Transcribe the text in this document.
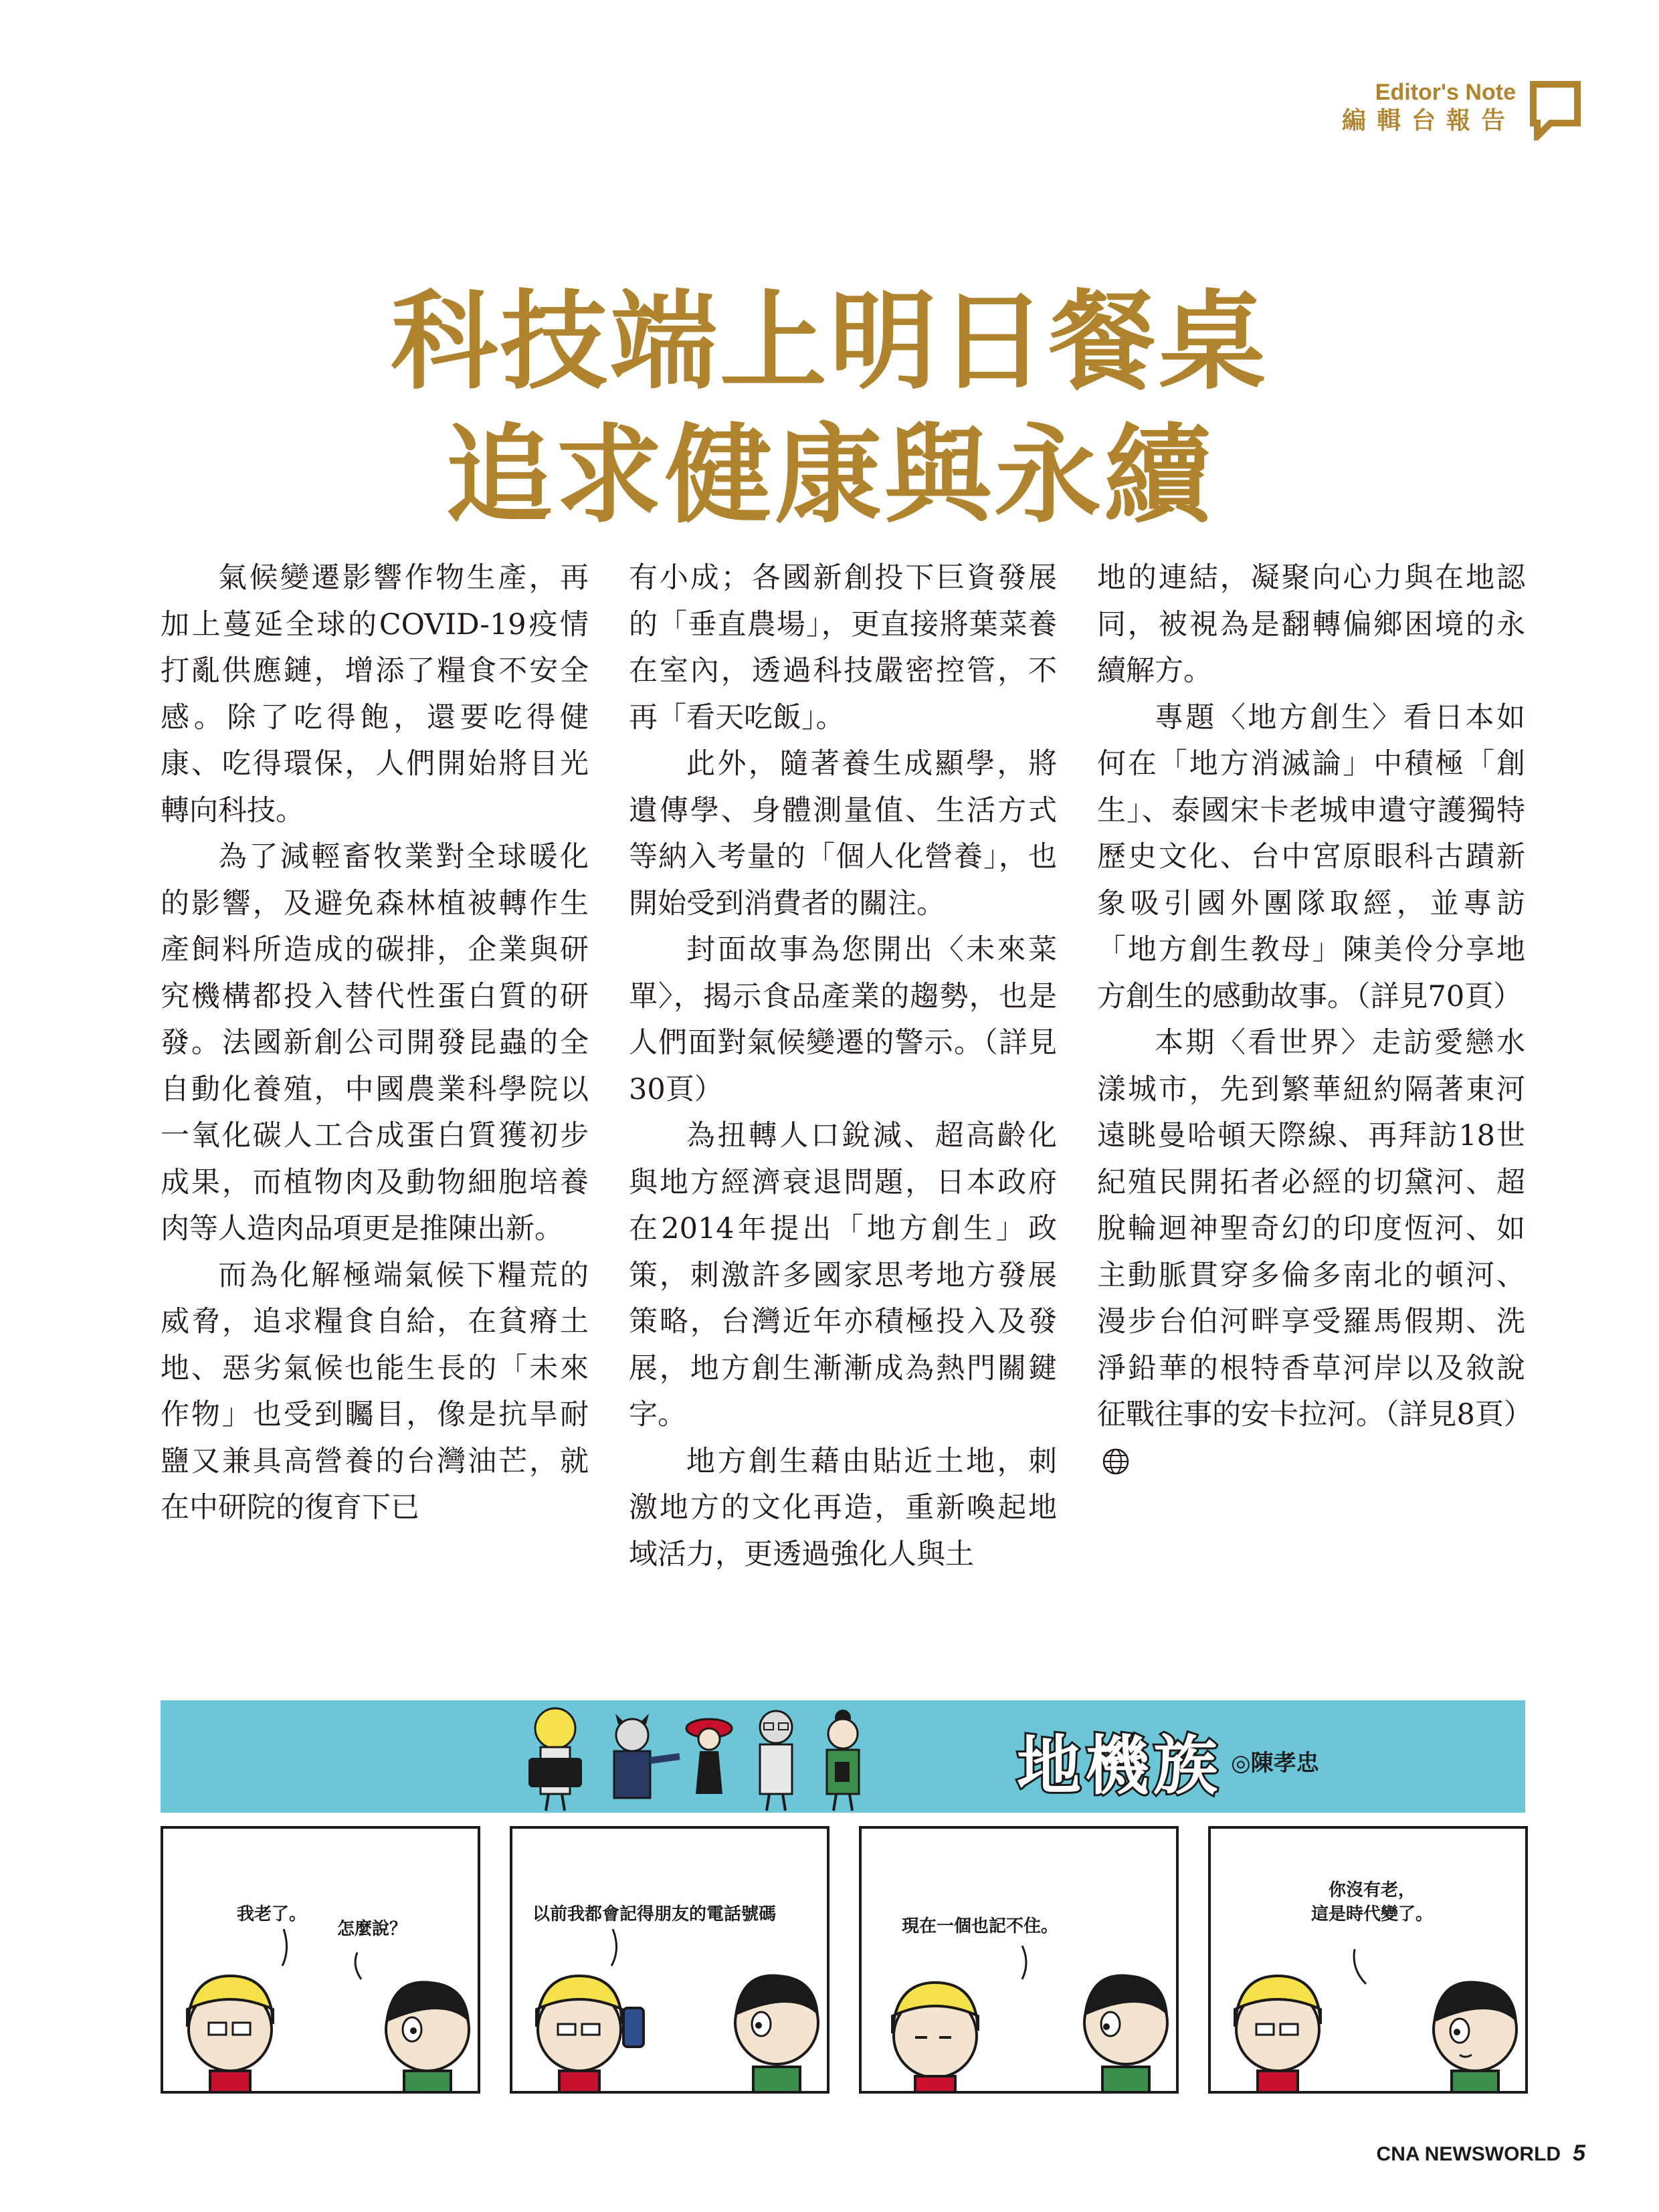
Editor's Note
編輯台報告
科技端上明日餐桌
追求健康與永續

氣候變遷影響作物生產，再加上蔓延全球的COVID-19疫情打亂供應鏈，增添了糧食不安全感。除了吃得飽，還要吃得健康、吃得環保，人們開始將目光轉向科技。

為了減輕畜牧業對全球暖化的影響，及避免森林植被轉作生產飼料所造成的碳排，企業與研究機構都投入替代性蛋白質的研發。法國新創公司開發昆蟲的全自動化養殖，中國農業科學院以一氧化碳人工合成蛋白質獲初步成果，而植物肉及動物細胞培養肉等人造肉品項更是推陳出新。

而為化解極端氣候下糧荒的威脅，追求糧食自給，在貧瘠土地、惡劣氣候也能生長的「未來作物」也受到矚目，像是抗旱耐鹽又兼具高營養的台灣油芒，就在中研院的復育下已

有小成；各國新創投下巨資發展的「垂直農場」，更直接將葉菜養在室內，透過科技嚴密控管，不再「看天吃飯」。

此外，隨著養生成顯學，將遺傳學、身體測量值、生活方式等納入考量的「個人化營養」，也開始受到消費者的關注。

封面故事為您開出〈未來菜單〉，揭示食品產業的趨勢，也是人們面對氣候變遷的警示。（詳見30頁）

為扭轉人口銳減、超高齡化與地方經濟衰退問題，日本政府在2014年提出「地方創生」政策，刺激許多國家思考地方發展策略，台灣近年亦積極投入及發展，地方創生漸漸成為熱門關鍵字。

地方創生藉由貼近土地，刺激地方的文化再造，重新喚起地域活力，更透過強化人與土

地的連結，凝聚向心力與在地認同，被視為是翻轉偏鄉困境的永續解方。

專題〈地方創生〉看日本如何在「地方消滅論」中積極「創生」、泰國宋卡老城申遺守護獨特歷史文化、台中宮原眼科古蹟新象吸引國外團隊取經，並專訪「地方創生教母」陳美伶分享地方創生的感動故事。（詳見70頁）

本期〈看世界〉走訪愛戀水漾城市，先到繁華紐約隔著東河遠眺曼哈頓天際線、再拜訪18世紀殖民開拓者必經的切黛河、超脫輪迴神聖奇幻的印度恆河、如主動脈貫穿多倫多南北的頓河、漫步台伯河畔享受羅馬假期、洗淨鉛華的根特香草河岸以及敘說征戰往事的安卡拉河。（詳見8頁）

地機族 ◎陳孝忠
我老了。
怎麼說？
以前我都會記得朋友的電話號碼
現在一個也記不住。
你沒有老，
這是時代變了。
CNA NEWSWORLD 5
